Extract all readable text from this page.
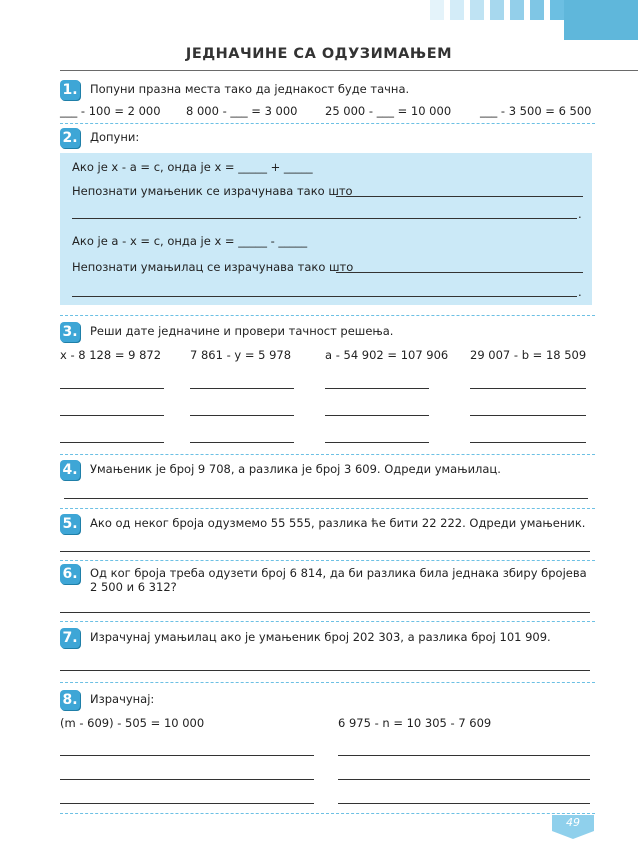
ЈЕДНАЧИНЕ СА ОДУЗИМАЊЕМ
1. Попуни празна места тако да једнакост буде тачна.
___ - 100 = 2 000 8 000 - ___ = 3 000 25 000 - ___ = 10 000	___ - 3 500 = 6 500
2. Допуни:
Ако је х - а = с, онда је х = _____ + _____
Непознати умањеник се израчунава тако што
.
Ако је а - х = с, онда је х = _____ - _____
Непознати умањилац се израчунава тако што
.
3. Реши дате једначине и провери тачност решења.
х - 8 128 = 9 872	7 861 - у = 5 978	а - 54 902 = 107 906 29 007 - b = 18 509
4. Умањеник је број 9 708, а разлика је број 3 609. Одреди умањилац.
5. Ако од неког броја одузмемо 55 555, разлика ће бити 22 222. Одреди умањеник.
6. Од ког броја треба одузети број 6 814, да би разлика била једнака збиру бројева
2 500 и 6 312?
7. Израчунај умањилац ако је умањеник број 202 303, а разлика број 101 909.
8. Израчунај:
(m - 609) - 505 = 10 000	6 975 - n = 10 305 - 7 609
49
